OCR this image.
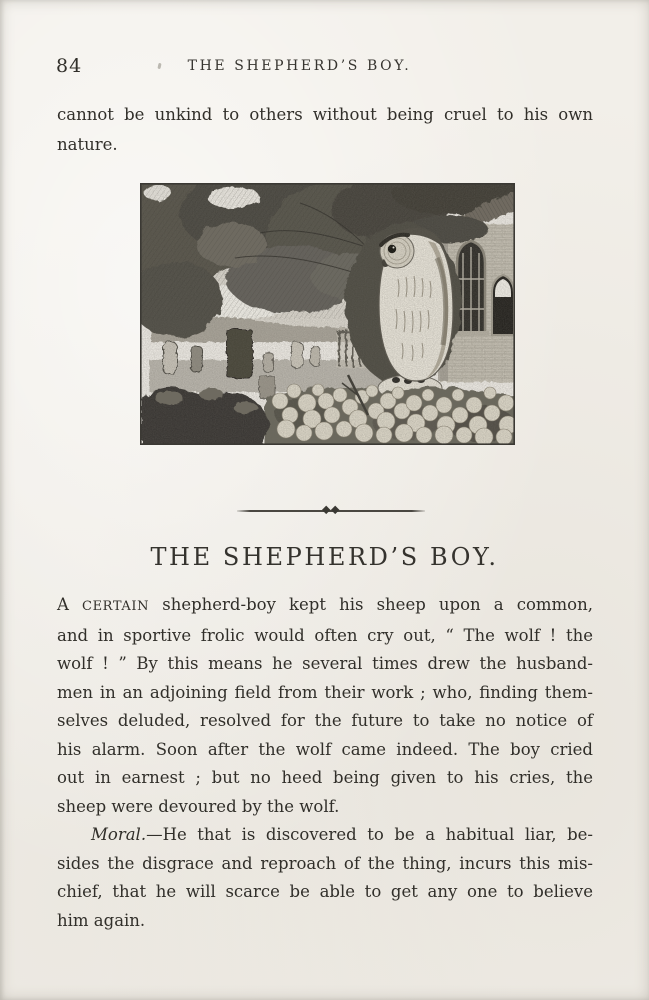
84	THE SHEPHERD’S BOY.
cannot be unkind to others without being cruel to his own
nature.
THE SHEPHERD’S BOY.
A CERTAIN shepherd-boy kept his sheep upon a common,
and in sportive frolic would often cry out, “ The wolf ! the
wolf ! ” By this means he several times drew the husband-
men in an adjoining field from their work ; who, finding them-
selves deluded, resolved for the future to take no notice of
his alarm. Soon after the wolf came indeed. The boy cried
out in earnest ; but no heed being given to his cries, the
sheep were devoured by the wolf.
Moral.—He that is discovered to be a habitual liar, be-
sides the disgrace and reproach of the thing, incurs this mis-
chief, that he will scarce be able to get any one to believe
him again.
